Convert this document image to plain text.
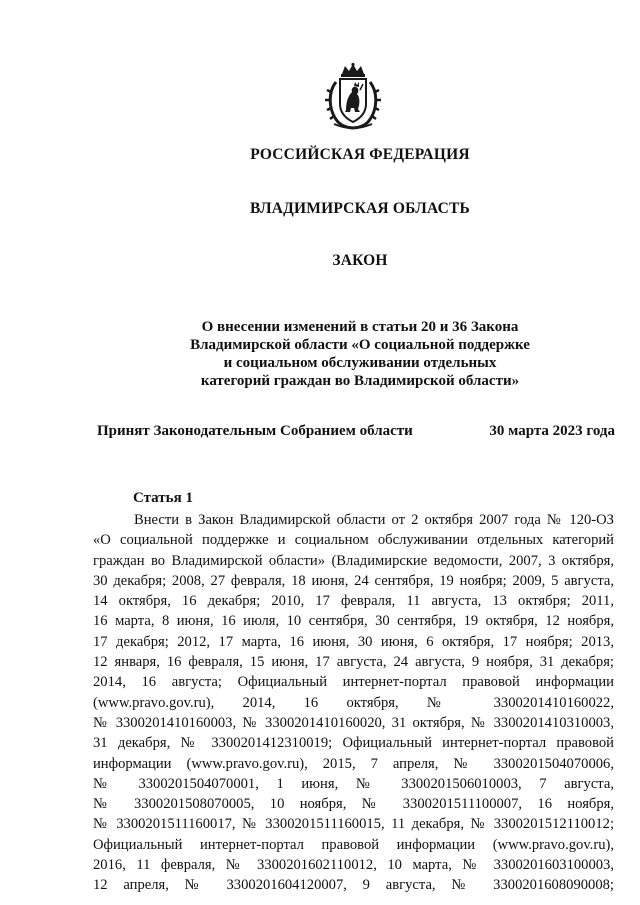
РОССИЙСКАЯ ФЕДЕРАЦИЯ
ВЛАДИМИРСКАЯ ОБЛАСТЬ
ЗАКОН
О внесении изменений в статьи 20 и 36 Закона
Владимирской области «О социальной поддержке
и социальном обслуживании отдельных
категорий граждан во Владимирской области»
Принят Законодательным Собранием области	30 марта 2023 года
Статья 1
Внести в Закон Владимирской области от 2 октября 2007 года № 120-ОЗ
«О социальной поддержке и социальном обслуживании отдельных категорий
граждан во Владимирской области» (Владимирские ведомости, 2007, 3 октября,
30 декабря; 2008, 27 февраля, 18 июня, 24 сентября, 19 ноября; 2009, 5 августа,
14 октября, 16 декабря; 2010, 17 февраля, 11 августа, 13 октября; 2011,
16 марта, 8 июня, 16 июля, 10 сентября, 30 сентября, 19 октября, 12 ноября,
17 декабря; 2012, 17 марта, 16 июня, 30 июня, 6 октября, 17 ноября; 2013,
12 января, 16 февраля, 15 июня, 17 августа, 24 августа, 9 ноября, 31 декабря;
2014, 16 августа; Официальный интернет-портал правовой информации
(www.pravo.gov.ru), 2014, 16 октября, № 3300201410160022,
№ 3300201410160003, № 3300201410160020, 31 октября, № 3300201410310003,
31 декабря, № 3300201412310019; Официальный интернет-портал правовой
информации (www.pravo.gov.ru), 2015, 7 апреля, № 3300201504070006,
№ 3300201504070001, 1 июня, № 3300201506010003, 7 августа,
№ 3300201508070005, 10 ноября, № 3300201511100007, 16 ноября,
№ 3300201511160017, № 3300201511160015, 11 декабря, № 3300201512110012;
Официальный интернет-портал правовой информации (www.pravo.gov.ru),
2016, 11 февраля, № 3300201602110012, 10 марта, № 3300201603100003,
12 апреля, № 3300201604120007, 9 августа, № 3300201608090008;
